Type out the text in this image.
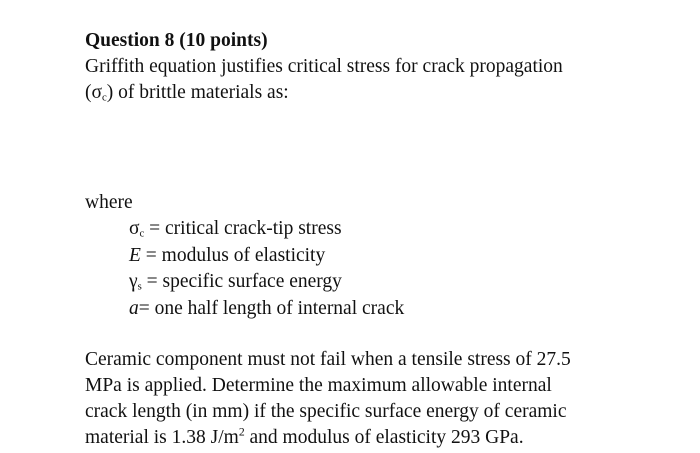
Question 8 (10 points)
Griffith equation justifies critical stress for crack propagation
$(\sigma_c)$ of brittle materials as:
where
$\sigma_c$ = critical crack-tip stress
E = modulus of elasticity
$\gamma_s$ = specific surface energy
a= one half length of internal crack
Ceramic component must not fail when a tensile stress of 27.5
MPa is applied. Determine the maximum allowable internal
crack length (in mm) if the specific surface energy of ceramic
material is 1.38 $J/m^2$ and modulus of elasticity 293 GPa.
